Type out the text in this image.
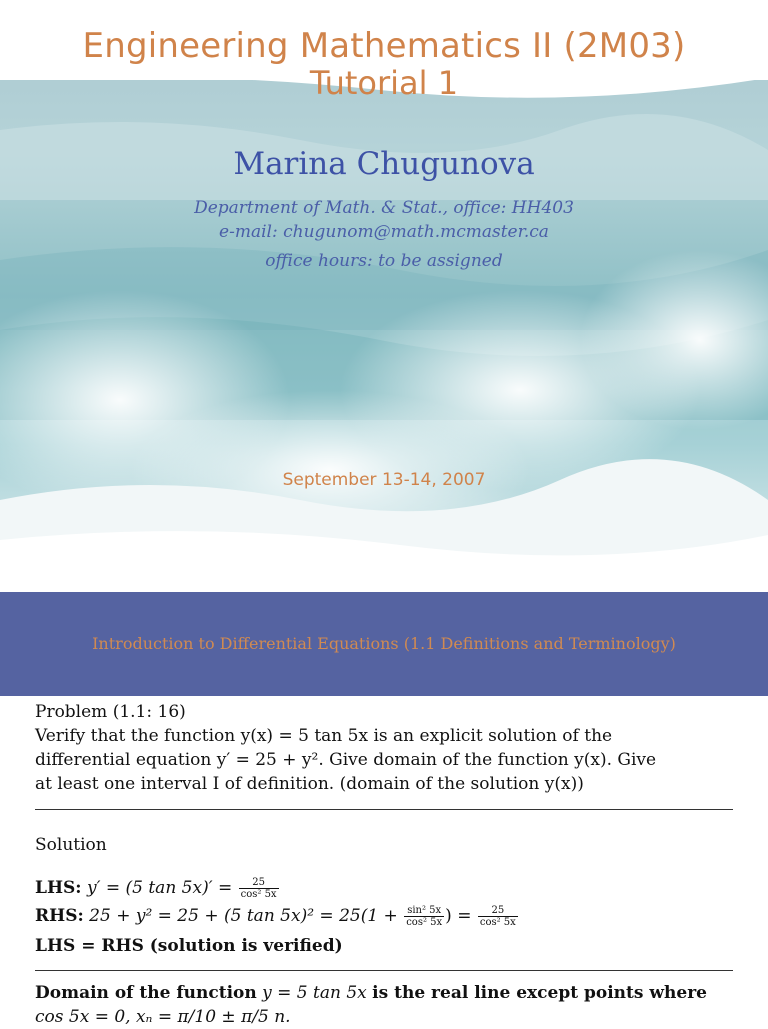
Engineering Mathematics II (2M03)
Tutorial 1
Marina Chugunova
Department of Math. & Stat., office: HH403
e-mail: chugunom@math.mcmaster.ca
office hours: to be assigned
September 13-14, 2007
Introduction to Differential Equations (1.1 Definitions and Terminology)
Problem (1.1: 16)
Verify that the function y(x) = 5 tan 5x is an explicit solution of the
differential equation y′ = 25 + y². Give domain of the function y(x). Give
at least one interval I of definition. (domain of the solution y(x))
Solution
LHS: y′ = (5 $\tan 5x)' = \frac{25}{\text{cos² 5x}}$
RHS: 25 + y² = 25 + (5 $\tan 5x)^2 = 25(1 + \frac{\text{sin² 5x}}{\text{cos² 5x}}$ ) = $\frac{25}{\text{cos² 5x}}$
LHS = RHS (solution is verified)
Domain of the function y = 5 tan 5x is the real line except points where
cos 5x = 0, xₙ = π/10 ± π/5 n.
